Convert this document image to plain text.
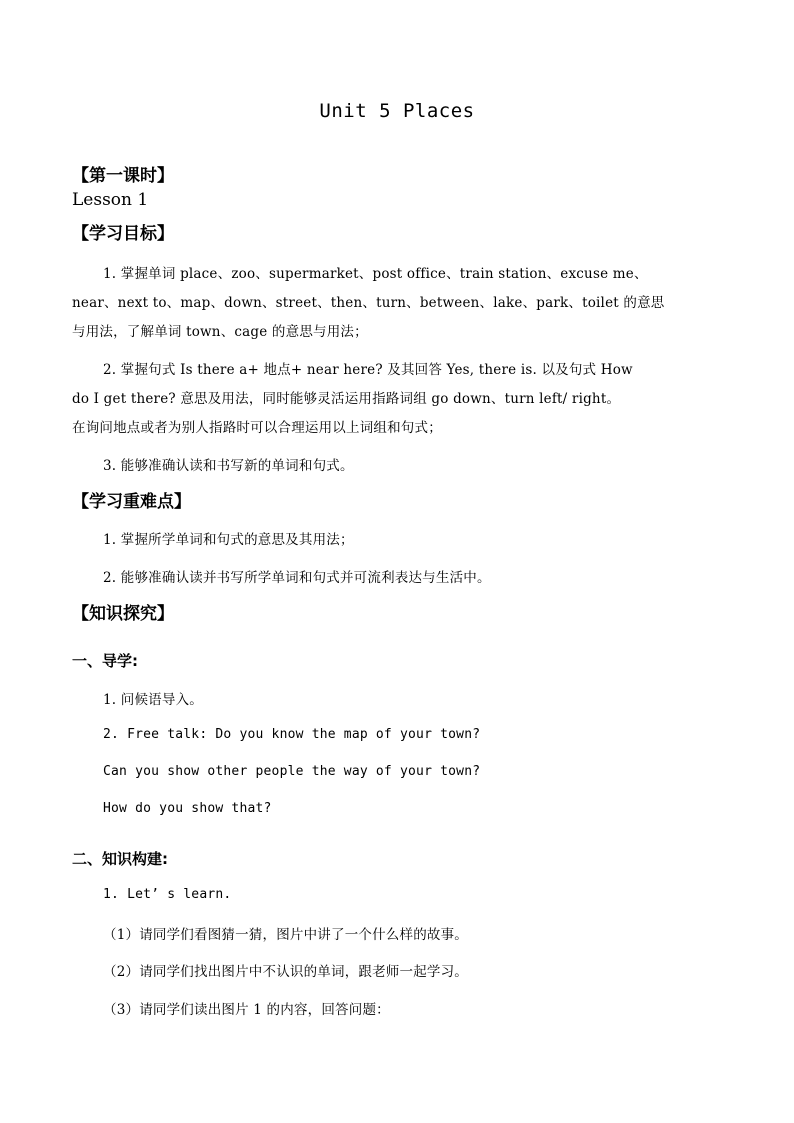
Unit 5 Places
【第一课时】
Lesson 1
【学习目标】
1. 掌握单词 place、zoo、supermarket、post office、train station、excuse me、
near、next to、map、down、street、then、turn、between、lake、park、toilet 的意思
与用法，了解单词 town、cage 的意思与用法；
2. 掌握句式 Is there a+ 地点+ near here? 及其回答 Yes, there is. 以及句式 How
do I get there? 意思及用法，同时能够灵活运用指路词组 go down、turn left/ right。
在询问地点或者为别人指路时可以合理运用以上词组和句式；
3. 能够准确认读和书写新的单词和句式。
【学习重难点】
1. 掌握所学单词和句式的意思及其用法；
2. 能够准确认读并书写所学单词和句式并可流利表达与生活中。
【知识探究】
一、导学:
1. 问候语导入。
2. Free talk: Do you know the map of your town?
Can you show other people the way of your town?
How do you show that?
二、知识构建:
1. Let’ s learn.
（1）请同学们看图猜一猜，图片中讲了一个什么样的故事。
（2）请同学们找出图片中不认识的单词，跟老师一起学习。
（3）请同学们读出图片 1 的内容，回答问题：
